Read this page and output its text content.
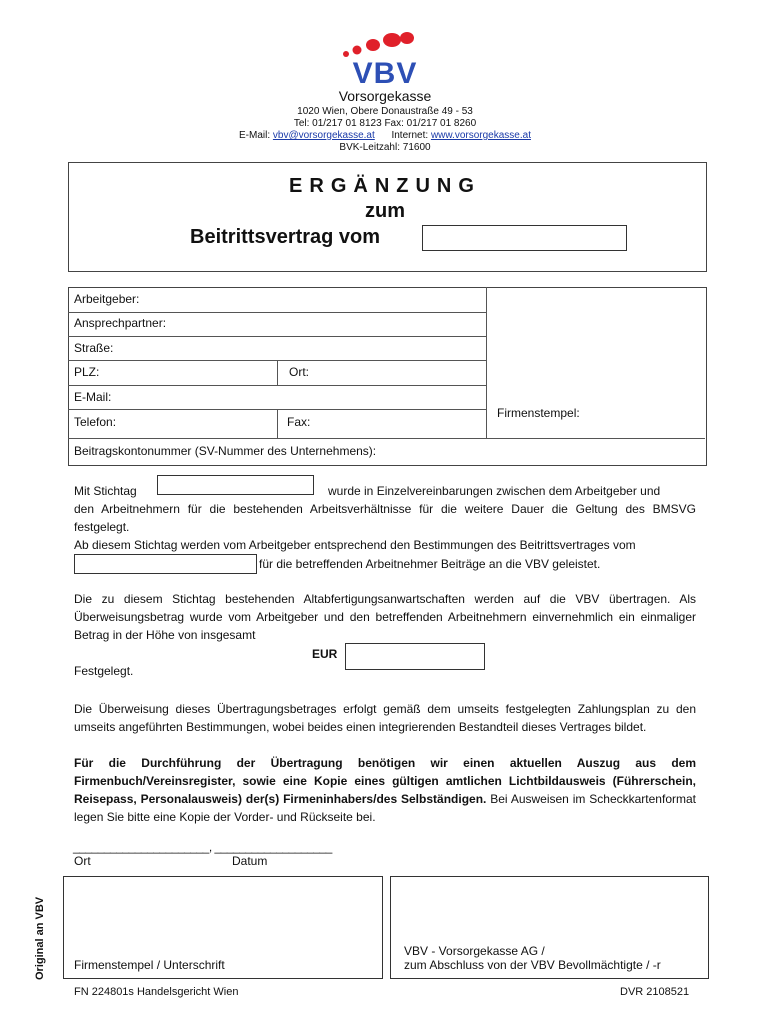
VBV
Vorsorgekasse
1020 Wien, Obere Donaustraße 49 - 53
Tel: 01/217 01 8123 Fax: 01/217 01 8260
E-Mail: vbv@vorsorgekasse.at Internet: www.vorsorgekasse.at
BVK-Leitzahl: 71600
ERGÄNZUNG
zum
Beitrittsvertrag vom
Arbeitgeber:
Ansprechpartner:
Straße:
PLZ:	Ort:
E-Mail:
Telefon:	Fax:
Firmenstempel:
Beitragskontonummer (SV-Nummer des Unternehmens):
Mit Stichtag	wurde in Einzelvereinbarungen zwischen dem Arbeitgeber und
den Arbeitnehmern für die bestehenden Arbeitsverhältnisse für die weitere Dauer die Geltung des BMSVG festgelegt.
Ab diesem Stichtag werden vom Arbeitgeber entsprechend den Bestimmungen des Beitrittsvertrages vom
für die betreffenden Arbeitnehmer Beiträge an die VBV geleistet.
Die zu diesem Stichtag bestehenden Altabfertigungsanwartschaften werden auf die VBV übertragen. Als Überweisungsbetrag wurde vom Arbeitgeber und den betreffenden Arbeitnehmern einvernehmlich ein einmaliger Betrag in der Höhe von insgesamt
EUR
Festgelegt.
Die Überweisung dieses Übertragungsbetrages erfolgt gemäß dem umseits festgelegten Zahlungsplan zu den umseits angeführten Bestimmungen, wobei beides einen integrierenden Bestandteil dieses Vertrages bildet.
Für die Durchführung der Übertragung benötigen wir einen aktuellen Auszug aus dem Firmenbuch/Vereinsregister, sowie eine Kopie eines gültigen amtlichen Lichtbildausweis (Führerschein, Reisepass, Personalausweis) der(s) Firmeninhabers/des Selbständigen. Bei Ausweisen im Scheckkartenformat legen Sie bitte eine Kopie der Vorder- und Rückseite bei.
______________________, ___________________
Ort	Datum
Firmenstempel / Unterschrift
VBV - Vorsorgekasse AG /
zum Abschluss von der VBV Bevollmächtigte / -r
Original an VBV
FN 224801s Handelsgericht Wien	DVR 2108521
